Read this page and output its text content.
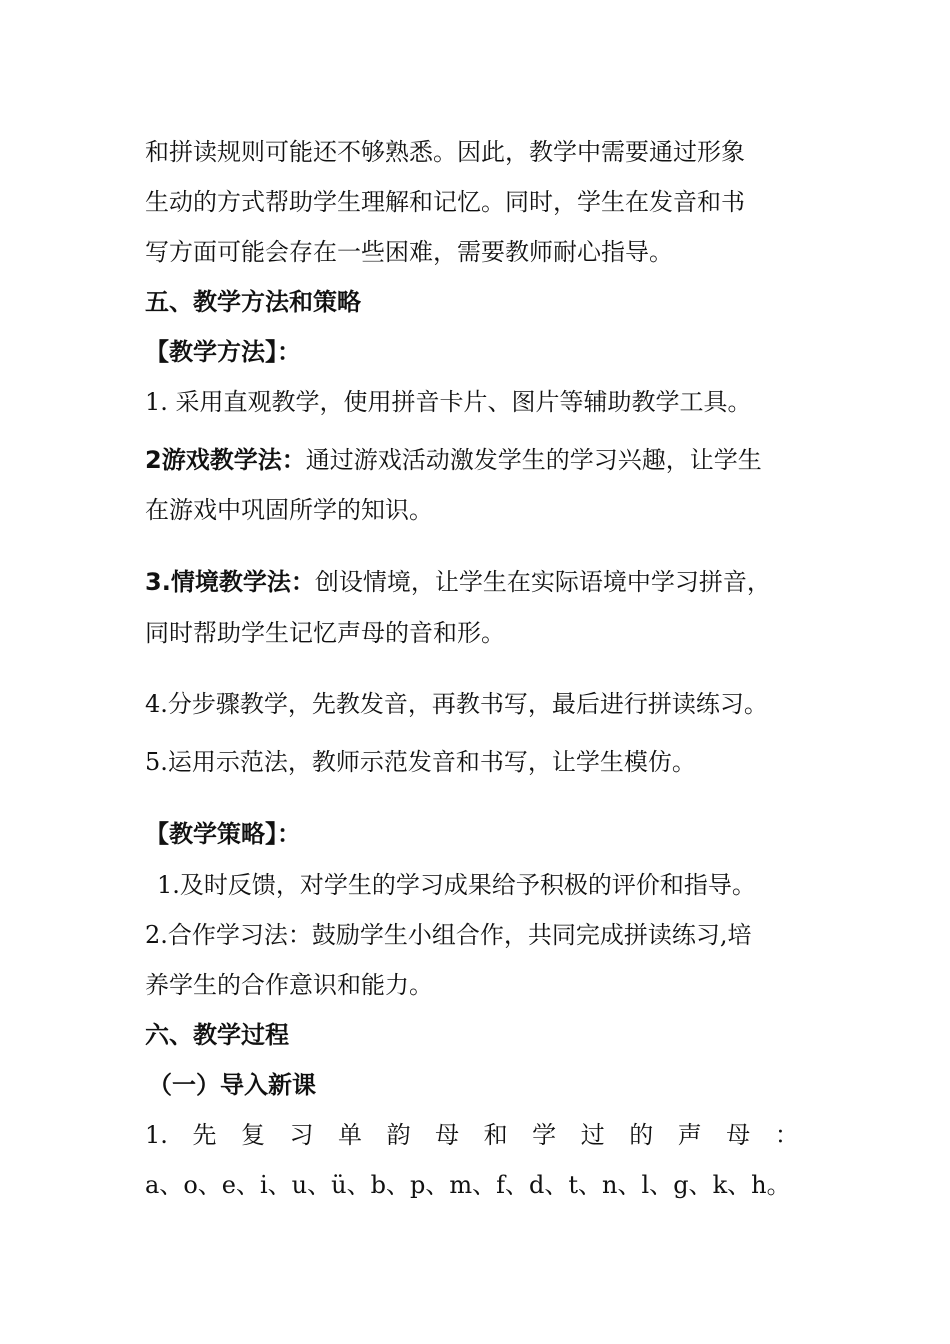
和拼读规则可能还不够熟悉。因此，教学中需要通过形象
生动的方式帮助学生理解和记忆。同时，学生在发音和书
写方面可能会存在一些困难，需要教师耐心指导。
五、教学方法和策略
【教学方法】：
1. 采用直观教学，使用拼音卡片、图片等辅助教学工具。
2游戏教学法：通过游戏活动激发学生的学习兴趣，让学生
在游戏中巩固所学的知识。
3.情境教学法：创设情境，让学生在实际语境中学习拼音，
同时帮助学生记忆声母的音和形。
4.分步骤教学，先教发音，再教书写，最后进行拼读练习。
5.运用示范法，教师示范发音和书写，让学生模仿。
【教学策略】：
1.及时反馈，对学生的学习成果给予积极的评价和指导。
2.合作学习法：鼓励学生小组合作，共同完成拼读练习,培
养学生的合作意识和能力。
六、教学过程
（一）导入新课
1. 先 复 习 单 韵 母 和 学 过 的 声 母 ：
a、 o、 e、 i、 u、 ü、 b、 p、 m、 f、 d、 t、 n、 l、 g、 k、 h。
